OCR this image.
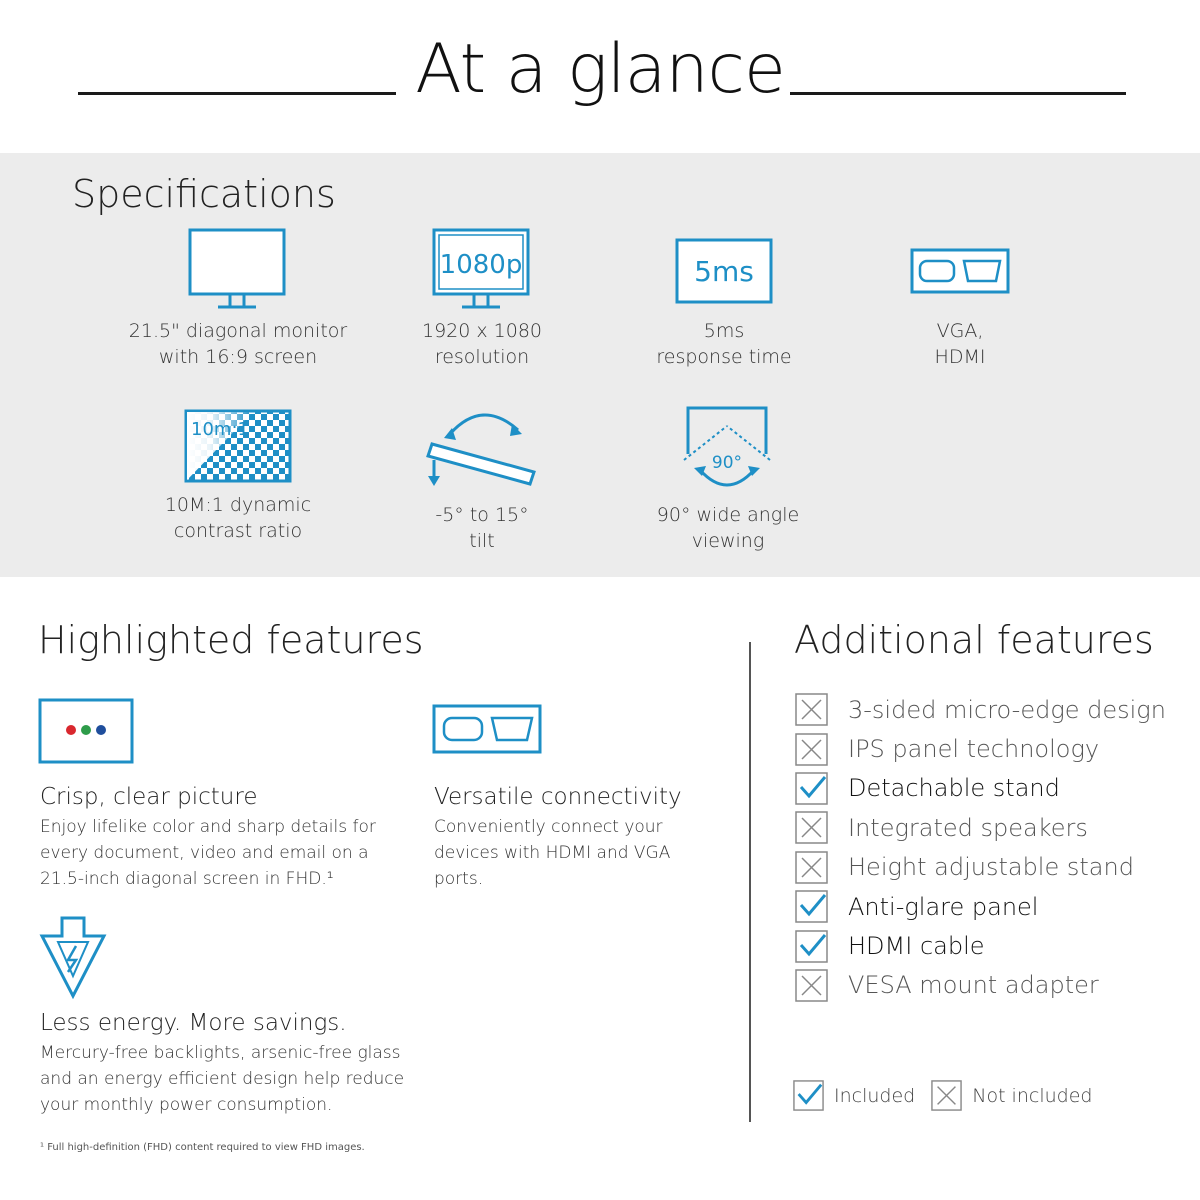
At a glance
Specifications
21.5" diagonal monitor
with 16:9 screen
1080p
1920 x 1080
resolution
5ms
5ms
response time
VGA,
HDMI
10m:1
10M:1 dynamic
contrast ratio
-5° to 15°
tilt
90°
90° wide angle
viewing
Highlighted features
Crisp, clear picture
Enjoy lifelike color and sharp details for every document, video and email on a 21.5-inch diagonal screen in FHD.¹
Versatile connectivity
Conveniently connect your devices with HDMI and VGA ports.
Less energy. More savings.
Mercury-free backlights, arsenic-free glass and an energy efficient design help reduce your monthly power consumption.
¹ Full high-definition (FHD) content required to view FHD images.
Additional features
3-sided micro-edge design
IPS panel technology
Detachable stand
Integrated speakers
Height adjustable stand
Anti-glare panel
HDMI cable
VESA mount adapter
Included	Not included
